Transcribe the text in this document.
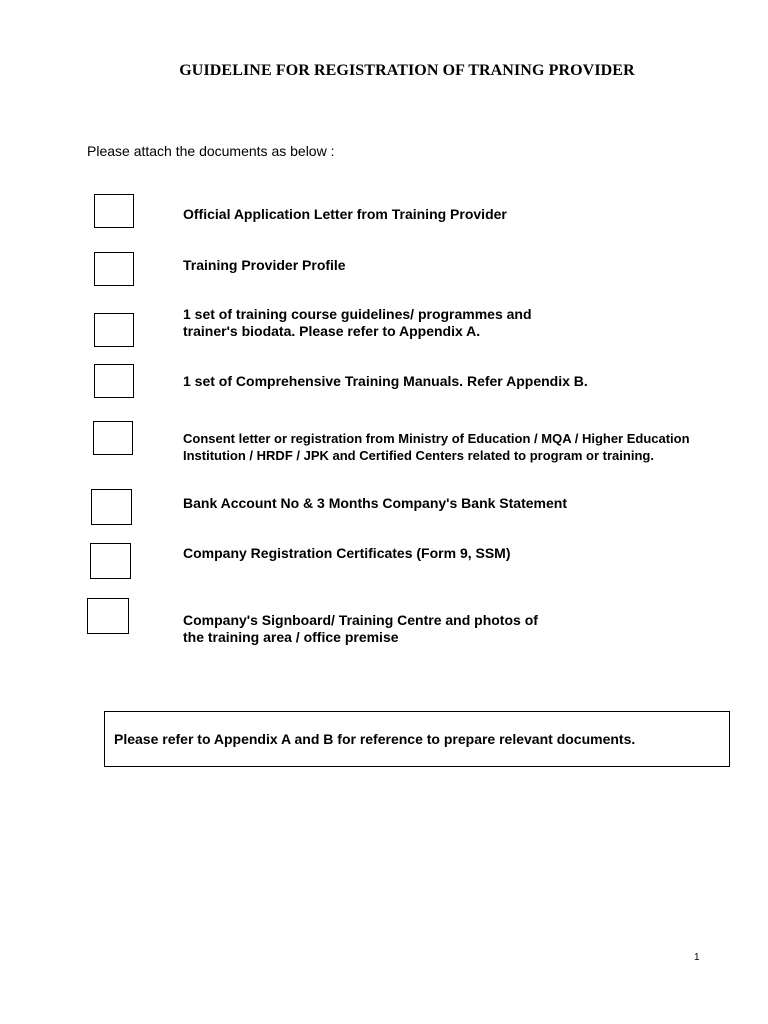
GUIDELINE FOR REGISTRATION OF TRANING PROVIDER
Please attach the documents as below :
Official Application Letter from Training Provider
Training Provider Profile
1 set of training course guidelines/ programmes and
trainer's biodata. Please refer to Appendix A.
1 set of Comprehensive Training Manuals. Refer Appendix B.
Consent letter or registration from Ministry of Education / MQA / Higher Education
Institution / HRDF / JPK and Certified Centers related to program or training.
Bank Account No & 3 Months Company's Bank Statement
Company Registration Certificates (Form 9, SSM)
Company's Signboard/ Training Centre and photos of
the training area / office premise
Please refer to Appendix A and B for reference to prepare relevant documents.
1
